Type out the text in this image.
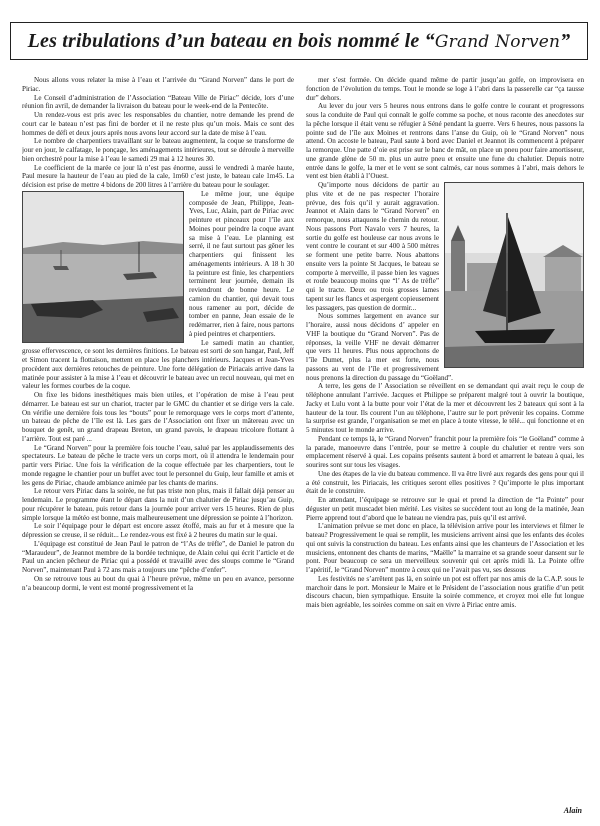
Les tribulations d’un bateau en bois nommé le “Grand Norven”

Nous allons vous relater la mise à l’eau et l’arrivée du “Grand Norven” dans le port de Piriac.

Le Conseil d’administration de l’Association “Bateau Ville de Piriac” décide, lors d’une réunion fin avril, de demander la livraison du bateau pour le week-end de la Pentecôte.

Un rendez-vous est pris avec les responsables du chantier, notre demande les prend de court car le bateau n’est pas fini de border et il ne reste plus qu’un mois. Mais ce sont des hommes de défi et deux jours après nous avons leur accord sur la date de mise à l’eau.

Le nombre de charpentiers travaillant sur le bateau augmentent, la coque se transforme de jour en jour, le calfatage, le ponçage, les aménagements intérieures, tout se déroule à merveille bien orchestré pour la mise à l’eau le samedi 29 mai à 12 heures 30.

Le coefficient de la marée ce jour là n’est pas énorme, aussi le vendredi à marée haute, Paul mesure la hauteur de l’eau au pied de la cale, 1m60 c’est juste, le bateau cale 1m45. La décision est prise de mettre 4 bidons de 200 litres à l’arrière du bateau pour le soulager.

Le même jour, une équipe composée de Jean, Philippe, Jean-Yves, Luc, Alain, part de Piriac avec peinture et pinceaux pour l’île aux Moines pour peindre la coque avant sa mise à l’eau. Le planning est serré, il ne faut surtout pas gêner les charpentiers qui finissent les aménagements intérieurs. A 18 h 30 la peinture est finie, les charpentiers terminent leur journée, demain ils reviendront de bonne heure. Le camion du chantier, qui devait tous nous ramener au port, décide de tomber en panne, Jean essaie de le redémarrer, rien à faire, nous partons à pied peintres et charpentiers.

Le samedi matin au chantier, grosse effervescence, ce sont les dernières finitions. Le bateau est sorti de son hangar, Paul, Jeff et Simon tracent la flottaison, mettent en place les planchers intérieurs. Jacques et Jean-Yves procèdent aux dernières retouches de peinture. Une forte délégation de Piriacais arrive dans la matinée pour assister à la mise à l’eau et découvrir le bateau avec un recul nouveau, qui met en valeur les formes courbes de la coque.

On fixe les bidons inesthétiques mais bien utiles, et l’opération de mise à l’eau peut démarrer. Le bateau est sur un chariot, tracter par le GMC du chantier et se dirige vers la cale. On vérifie une dernière fois tous les “bouts” pour le remorquage vers le corps mort d’attente, un bateau de pêche de l’île est là. Les gars de l’Association ont fixer un mâtereau avec un bouquet de genêt, un grand drapeau Breton, un grand pavois, le drapeau tricolore flottant à l’arrière. Tout est paré ...

Le “Grand Norven” pour la première fois touche l’eau, salué par les applaudissements des spectateurs. Le bateau de pêche le tracte vers un corps mort, où il attendra le lendemain pour partir vers Piriac. Une fois la vérification de la coque effectuée par les charpentiers, tout le monde regagne le chantier pour un buffet avec tout le personnel du Guip, leur famille et amis et les gens de Piriac, chaude ambiance animée par les chants de marins.

Le retour vers Piriac dans la soirée, ne fut pas triste non plus, mais il fallait déjà penser au lendemain. Le programme étant le départ dans la nuit d’un chalutier de Piriac jusqu’au Guip, pour récupérer le bateau, puis retour dans la journée pour arriver vers 15 heures. Rien de plus simple lorsque la météo est bonne, mais malheureusement une dépression se pointe à l’horizon.

Le soir l’équipage pour le départ est encore assez étoffé, mais au fur et à mesure que la dépression se creuse, il se réduit... Le rendez-vous est fixé à 2 heures du matin sur le quai.

L’équipage est constitué de Jean Paul le patron de “l’As de trèfle”, de Daniel le patron du “Maraudeur”, de Jeannot membre de la bordée technique, de Alain celui qui écrit l’article et de Paul un ancien pêcheur de Piriac qui a possédé et travaillé avec des sloups comme le “Grand Norven”, maintenant Paul à 72 ans mais a toujours une “pêche d’enfer”.

On se retrouve tous au bout du quai à l’heure prévue, même un peu en avance, personne n’a beaucoup dormi, le vent est monté progressivement et la

mer s’est formée. On décide quand même de partir jusqu’au golfe, on improvisera en fonction de l’évolution du temps. Tout le monde se loge à l’abri dans la passerelle car “ça tausse dur” dehors.

Au lever du jour vers 5 heures nous entrons dans le golfe contre le courant et progressons sous la conduite de Paul qui connaît le golfe comme sa poche, et nous raconte des anecdotes sur la pêche lorsque il était venu se réfugier à Séné pendant la guerre. Vers 6 heures, nous passons la pointe sud de l’île aux Moines et rentrons dans l’anse du Guip, où le “Grand Norven” nous attend. On accoste le bateau, Paul saute à bord avec Daniel et Jeannot ils commencent à préparer la remorque. Une patte d’oie est prise sur le banc de mât, on place un pneu pour faire amortisseur, une grande glène de 50 m. plus un autre pneu et ensuite une fune du chalutier. Depuis notre entrée dans le golfe, la mer et le vent se sont calmés, car nous sommes à l’abri, mais dehors le vent est bien établi à l’Ouest.

Qu’importe nous décidons de partir au plus vite et de ne pas respecter l’horaire prévue, des fois qu’il y aurait aggravation. Jeannot et Alain dans le “Grand Norven” en remorque, nous attaquons le chemin du retour. Nous passons Port Navalo vers 7 heures, la sortie du golfe est houleuse car nous avons le vent contre le courant et sur 400 à 500 mètres se forment une petite barre. Nous abattons ensuite vers la pointe St Jacques, le bateau se comporte à merveille, il passe bien les vagues et roule beaucoup moins que “l’ As de trèfle” qui le tracte. Deux ou trois grosses lames tapent sur les flancs et aspergent copieusement les passagers, pas question de dormir...

Nous sommes largement en avance sur l’horaire, aussi nous décidons d’ appeler en VHF la boutique du “Grand Norven”. Pas de réponses, la veille VHF ne devait démarrer que vers 11 heures. Plus nous approchons de l’île Dumet, plus la mer est forte, nous passons au vent de l’île et progressivement nous prenons la direction du passage du “Goëland”.

A terre, les gens de l’ Association se réveillent en se demandant qui avait reçu le coup de téléphone annulant l’arrivée. Jacques et Philippe se préparent malgré tout à ouvrir la boutique, Jacky et Lulu vont à la butte pour voir l’état de la mer et découvrent les 2 bateaux qui sont à la hauteur de la tour. Ils courent l’un au téléphone, l’autre sur le port prévenir les copains. Comme la surprise est grande, l’organisation se met en place à toute vitesse, le télé... qui fonctionne et en 5 minutes tout le monde arrive.

Pendant ce temps là, le “Grand Norven” franchit pour la première fois “le Goëland” comme à la parade, manoeuvre dans l’entrée, pour se mettre à couple du chalutier et rentre vers son emplacement réservé à quai. Les copains présents sautent à bord et amarrent le bateau à quai, les sourires sont sur tous les visages.

Une des étapes de la vie du bateau commence. Il va être livré aux regards des gens pour qui il a été construit, les Piriacais, les critiques seront elles positives ? Qu’importe le plus important était de le construire.

En attendant, l’équipage se retrouve sur le quai et prend la direction de “la Pointe” pour déguster un petit muscadet bien mérité. Les visites se succèdent tout au long de la matinée, Jean Pierre apprend tout d’abord que le bateau ne viendra pas, puis qu’il est arrivé.

L’animation prévue se met donc en place, la télévision arrive pour les interviews et filmer le bateau? Progressivement le quai se remplit, les musiciens arrivent ainsi que les enfants des écoles qui ont suivis la construction du bateau. Les enfants ainsi que les chanteurs de l’Association et les musiciens, entonnent des chants de marins, “Maëlle” la marraine et sa grande soeur dansent sur le pont. Pour beaucoup ce sera un merveilleux souvenir qui cet après midi là. La Pointe offre l’apéritif, le “Grand Norven” montre à ceux qui ne l’avait pas vu, ses dessous

Les festivités ne s’arrêtent pas là, en soirée un pot est offert par nos amis de la C.A.P. sous le marchoir dans le port. Monsieur le Maire et le Président de l’association nous gratifie d’un petit discours chacun, bien sympathique. Ensuite la soirée commence, et croyez moi elle fut longue mais bien agréable, les soirées comme on sait en vivre à Piriac entre amis.

Alain
